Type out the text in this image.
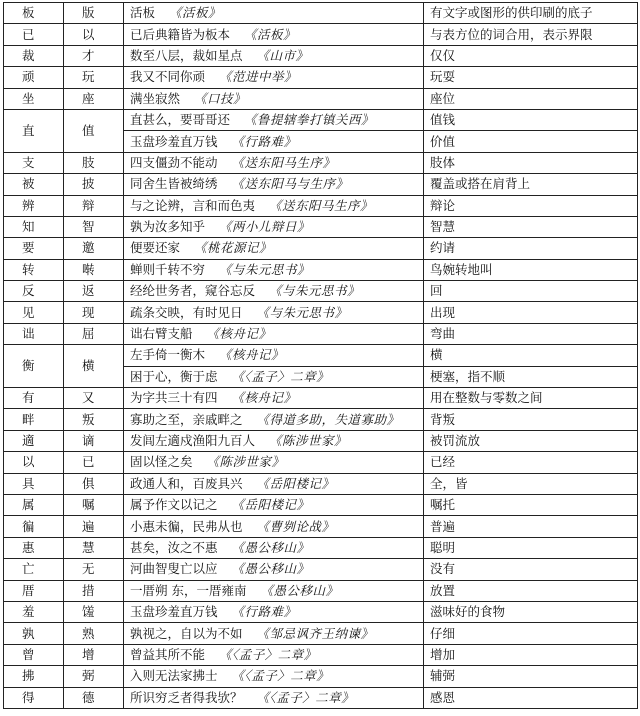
板	版	活板 《活板》	有文字或图形的供印刷的底子
已	以	已后典籍皆为板本 《活板》	与表方位的词合用，表示界限
裁	才	数至八层，裁如星点 《山市》	仅仅
顽	玩	我又不同你顽 《范进中举》	玩耍
坐	座	满坐寂然 《口技》	座位
直	值	直甚么，要哥哥还 《鲁提辖拳打镇关西》	值钱
		玉盘珍羞直万钱 《行路难》	价值
支	肢	四支僵劲不能动 《送东阳马生序》	肢体
被	披	同舍生皆被绮绣 《送东阳马与生序》	覆盖或搭在肩背上
辨	辩	与之论辨，言和而色夷 《送东阳马生序》	辩论
知	智	孰为汝多知乎 《两小儿辩日》	智慧
要	邀	便要还家 《桃花源记》	约请
转	啭	蝉则千转不穷 《与朱元思书》	鸟婉转地叫
反	返	经纶世务者，窥谷忘反 《与朱元思书》	回
见	现	疏条交映，有时见日 《与朱元思书》	出现
诎	屈	诎右臂支船 《核舟记》	弯曲
衡	横	左手倚一衡木 《核舟记》	横
		困于心，衡于虑 《〈孟子〉二章》	梗塞，指不顺
有	又	为字共三十有四 《核舟记》	用在整数与零数之间
畔	叛	寡助之至，亲戚畔之 《得道多助，失道寡助》	背叛
適	谪	发闾左適戍渔阳九百人 《陈涉世家》	被罚流放
以	已	固以怪之矣 《陈涉世家》	已经
具	俱	政通人和，百废具兴 《岳阳楼记》	全，皆
属	嘱	属予作文以记之 《岳阳楼记》	嘱托
徧	遍	小惠未徧，民弗从也 《曹刿论战》	普遍
惠	慧	甚矣，汝之不惠 《愚公移山》	聪明
亡	无	河曲智叟亡以应 《愚公移山》	没有
厝	措	一厝朔 东，一厝雍南 《愚公移山》	放置
羞	馐	玉盘珍羞直万钱 《行路难》	滋味好的食物
孰	熟	孰视之，自以为不如 《邹忌讽齐王纳谏》	仔细
曾	增	曾益其所不能 《〈孟子〉二章》	增加
拂	弼	入则无法家拂士 《〈孟子〉二章》	辅弼
得	德	所识穷乏者得我欤？ 《〈孟子〉二章》	感恩
